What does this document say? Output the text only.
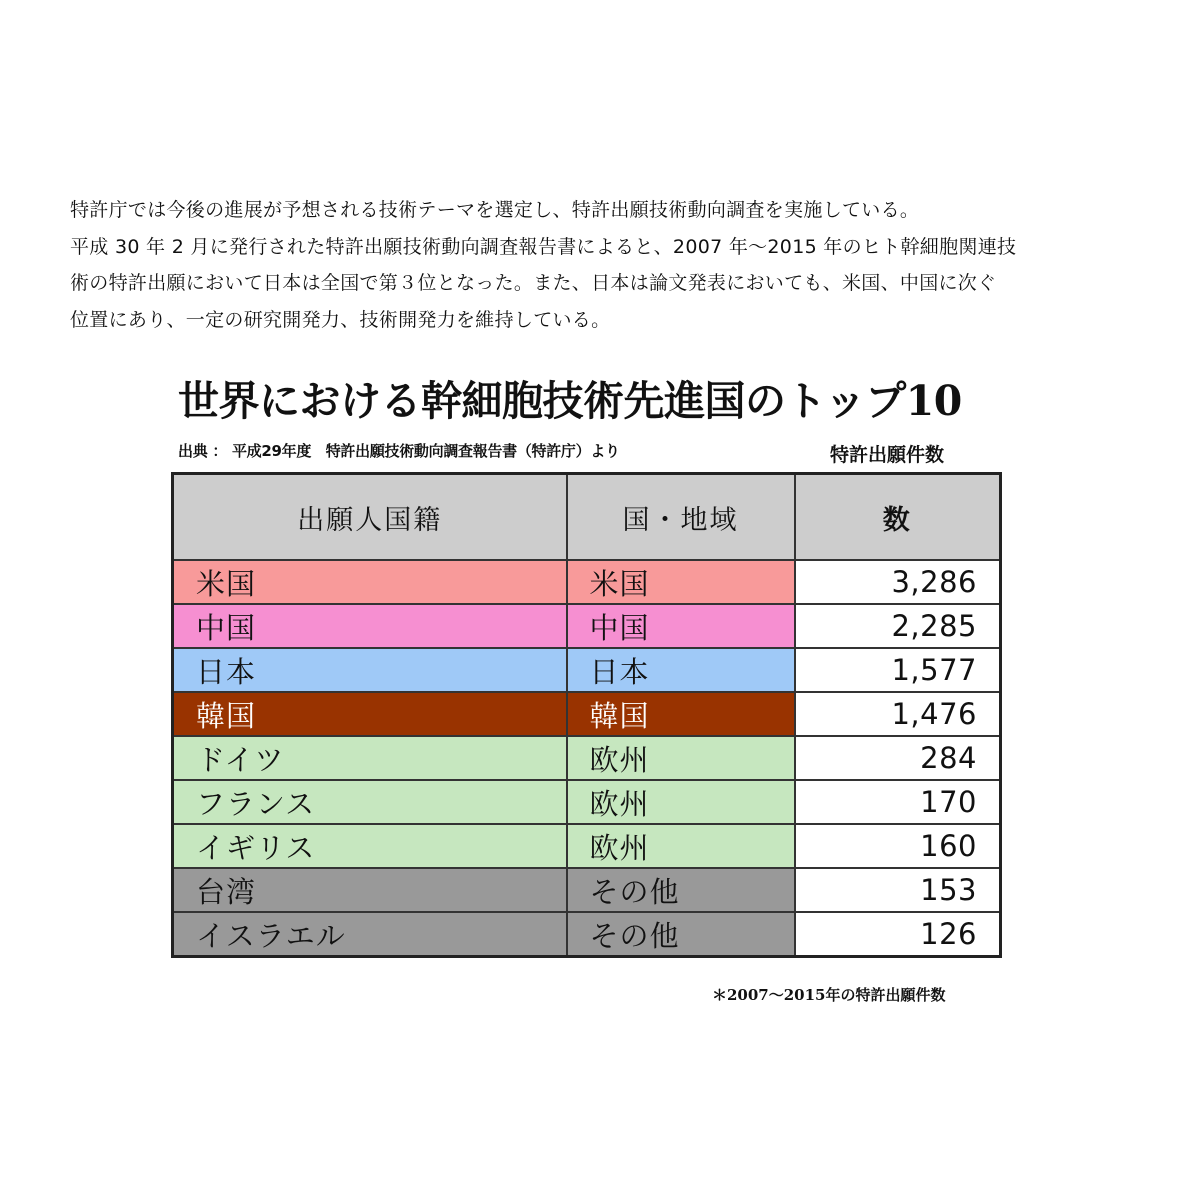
特許庁では今後の進展が予想される技術テーマを選定し、特許出願技術動向調査を実施している。

平成 30 年 2 月に発行された特許出願技術動向調査報告書によると、2007 年〜2015 年のヒト幹細胞関連技

術の特許出願において日本は全国で第３位となった。また、日本は論文発表においても、米国、中国に次ぐ

位置にあり、一定の研究開発力、技術開発力を維持している。

世界における幹細胞技術先進国のトップ10
出典 ： 平成29年度　特許出願技術動向調査報告書（特許庁）より	特許出願件数
出願人国籍	国・地域	数
米国	米国	3,286
中国	中国	2,285
日本	日本	1,577
韓国	韓国	1,476
ドイツ	欧州	284
フランス	欧州	170
イギリス	欧州	160
台湾	その他	153
イスラエル	その他	126
＊2007〜2015年の特許出願件数
